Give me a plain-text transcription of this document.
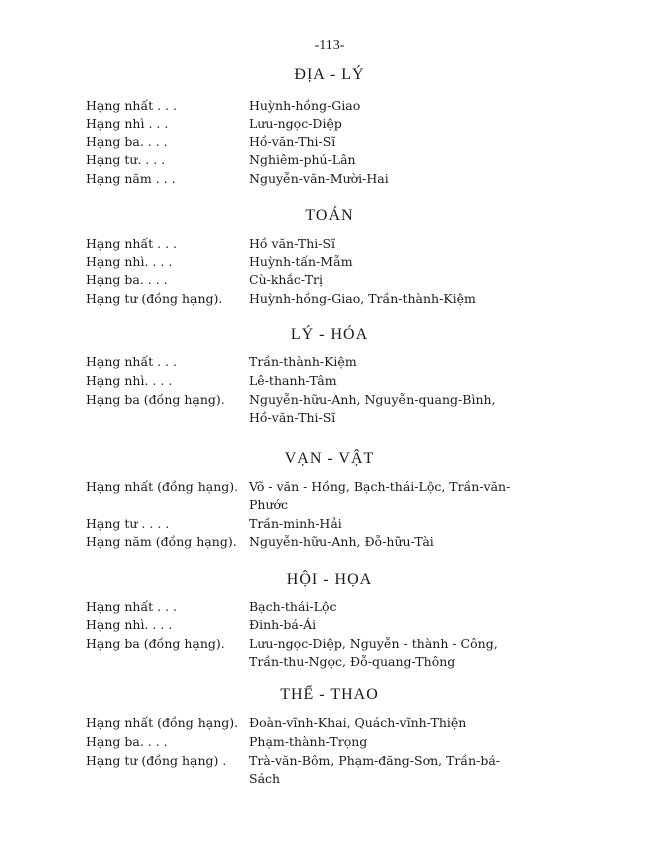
-113-
ĐỊA - LÝ
Hạng nhất . . .	Huỳnh-hồng-Giao
Hạng nhì . . .	Lưu-ngọc-Diệp
Hạng ba. . . .	Hồ-văn-Thi-Sĩ
Hạng tư. . . .	Nghiêm-phú-Lân
Hạng năm . . .	Nguyễn-văn-Mười-Hai
TOÁN
Hạng nhất . . .	Hồ văn-Thi-Sĩ
Hạng nhì. . . .	Huỳnh-tấn-Mẫm
Hạng ba. . . .	Cù-khắc-Trị
Hạng tư (đồng hạng). Huỳnh-hồng-Giao, Trần-thành-Kiệm
LÝ - HÓA
Hạng nhất . . .	Trần-thành-Kiệm
Hạng nhì. . . .	Lê-thanh-Tâm
Hạng ba (đồng hạng). Nguyễn-hữu-Anh, Nguyễn-quang-Bình, Hồ-văn-Thi-Sĩ
VẠN - VẬT
Hạng nhất (đồng hạng). Võ - văn - Hồng, Bạch-thái-Lộc, Trần-văn-Phước
Hạng tư . . . .	Trần-minh-Hải
Hạng năm (đồng hạng). Nguyễn-hữu-Anh, Đỗ-hữu-Tài
HỘI - HỌA
Hạng nhất . . .	Bạch-thái-Lộc
Hạng nhì. . . .	Đinh-bá-Ái
Hạng ba (đồng hạng). Lưu-ngọc-Diệp, Nguyễn - thành - Công, Trần-thu-Ngọc, Đỗ-quang-Thông
THỂ - THAO
Hạng nhất (đồng hạng). Đoàn-vĩnh-Khai, Quách-vĩnh-Thiện
Hạng ba. . . .	Phạm-thành-Trọng
Hạng tư (đồng hạng) . Trà-văn-Bôm, Phạm-đăng-Sơn, Trần-bá-Sách
